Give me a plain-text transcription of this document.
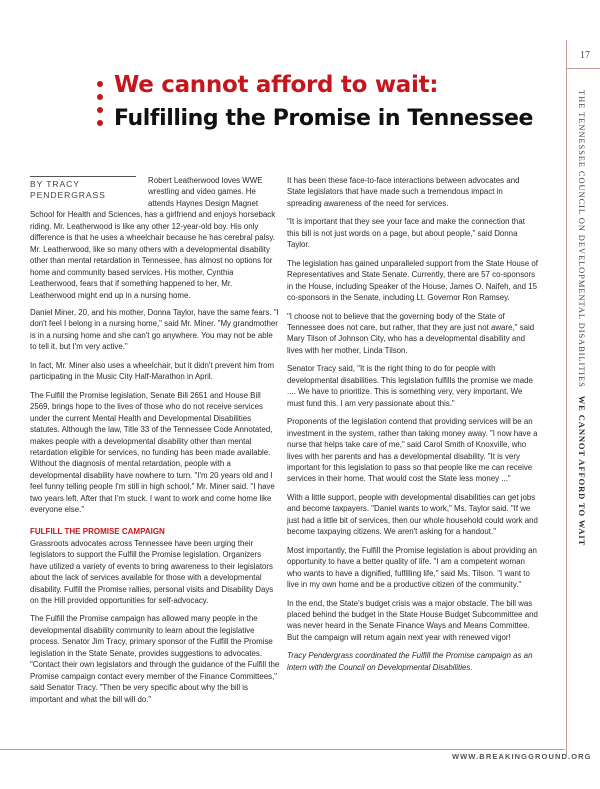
17
THE TENNESSEE COUNCIL ON DEVELOPMENTAL DISABILITIESWE CANNOT AFFORD TO WAIT
We cannot afford to wait:
Fulfilling the Promise in Tennessee

BY TRACY PENDERGRASS
Robert Leatherwood loves WWE wrestling and video games. He attends Haynes Design Magnet School for Health and Sciences, has a girlfriend and enjoys horseback riding. Mr. Leatherwood is like any other 12-year-old boy. His only difference is that he uses a wheelchair because he has cerebral palsy. Mr. Leatherwood, like so many others with a developmental disability other than mental retardation in Tennessee, has almost no options for home and community based services. His mother, Cynthia Leatherwood, fears that if something happened to her, Mr. Leatherwood might end up in a nursing home.

Daniel Miner, 20, and his mother, Donna Taylor, have the same fears. "I don't feel I belong in a nursing home," said Mr. Miner. "My grandmother is in a nursing home and she can't go anywhere. You may not be able to tell it, but I'm very active."

In fact, Mr. Miner also uses a wheelchair, but it didn't prevent him from participating in the Music City Half-Marathon in April.

The Fulfill the Promise legislation, Senate Bill 2651 and House Bill 2569, brings hope to the lives of those who do not receive services under the current Mental Health and Developmental Disabilities statutes. Although the law, Title 33 of the Tennessee Code Annotated, makes people with a developmental disability other than mental retardation eligible for services, no funding has been made available. Without the diagnosis of mental retardation, people with a developmental disability have nowhere to turn. "I'm 20 years old and I feel funny telling people I'm still in high school," Mr. Miner said. "I have two years left. After that I'm stuck. I want to work and come home like everyone else."

FULFILL THE PROMISE CAMPAIGN

Grassroots advocates across Tennessee have been urging their legislators to support the Fulfill the Promise legislation. Organizers have utilized a variety of events to bring awareness to their legislators about the lack of services available for those with a developmental disability. Fulfill the Promise rallies, personal visits and Disability Days on the Hill provided opportunities for self-advocacy.

The Fulfill the Promise campaign has allowed many people in the developmental disability community to learn about the legislative process. Senator Jim Tracy, primary sponsor of the Fulfill the Promise legislation in the State Senate, provides suggestions to advocates. "Contact their own legislators and through the guidance of the Fulfill the Promise campaign contact every member of the Finance Committees," said Senator Tracy. "Then be very specific about why the bill is important and what the bill will do."

It has been these face-to-face interactions between advocates and State legislators that have made such a tremendous impact in spreading awareness of the need for services.

"It is important that they see your face and make the connection that this bill is not just words on a page, but about people," said Donna Taylor.

The legislation has gained unparalleled support from the State House of Representatives and State Senate. Currently, there are 57 co-sponsors in the House, including Speaker of the House, James O. Naifeh, and 15 co-sponsors in the Senate, including Lt. Governor Ron Ramsey.

"I choose not to believe that the governing body of the State of Tennessee does not care, but rather, that they are just not aware," said Mary Tilson of Johnson City, who has a developmental disability and lives with her mother, Linda Tilson.

Senator Tracy said, "It is the right thing to do for people with developmental disabilities. This legislation fulfills the promise we made .... We have to prioritize. This is something very, very important. We must fund this. I am very passionate about this."

Proponents of the legislation contend that providing services will be an investment in the system, rather than taking money away. "I now have a nurse that helps take care of me," said Carol Smith of Knoxville, who lives with her parents and has a developmental disability. "It is very important for this legislation to pass so that people like me can receive services in their home. That would cost the State less money ..."

With a little support, people with developmental disabilities can get jobs and become taxpayers. "Daniel wants to work," Ms. Taylor said. "If we just had a little bit of services, then our whole household could work and become taxpaying citizens. We aren't asking for a handout."

Most importantly, the Fulfill the Promise legislation is about providing an opportunity to have a better quality of life. "I am a competent woman who wants to have a dignified, fulfilling life," said Ms. Tilson. "I want to live in my own home and be a productive citizen of the community."

In the end, the State's budget crisis was a major obstacle. The bill was placed behind the budget in the State House Budget Subcommittee and was never heard in the Senate Finance Ways and Means Committee. But the campaign will return again next year with renewed vigor!

Tracy Pendergrass coordinated the Fulfill the Promise campaign as an intern with the Council on Developmental Disabilities.

WWW.BREAKINGGROUND.ORG
